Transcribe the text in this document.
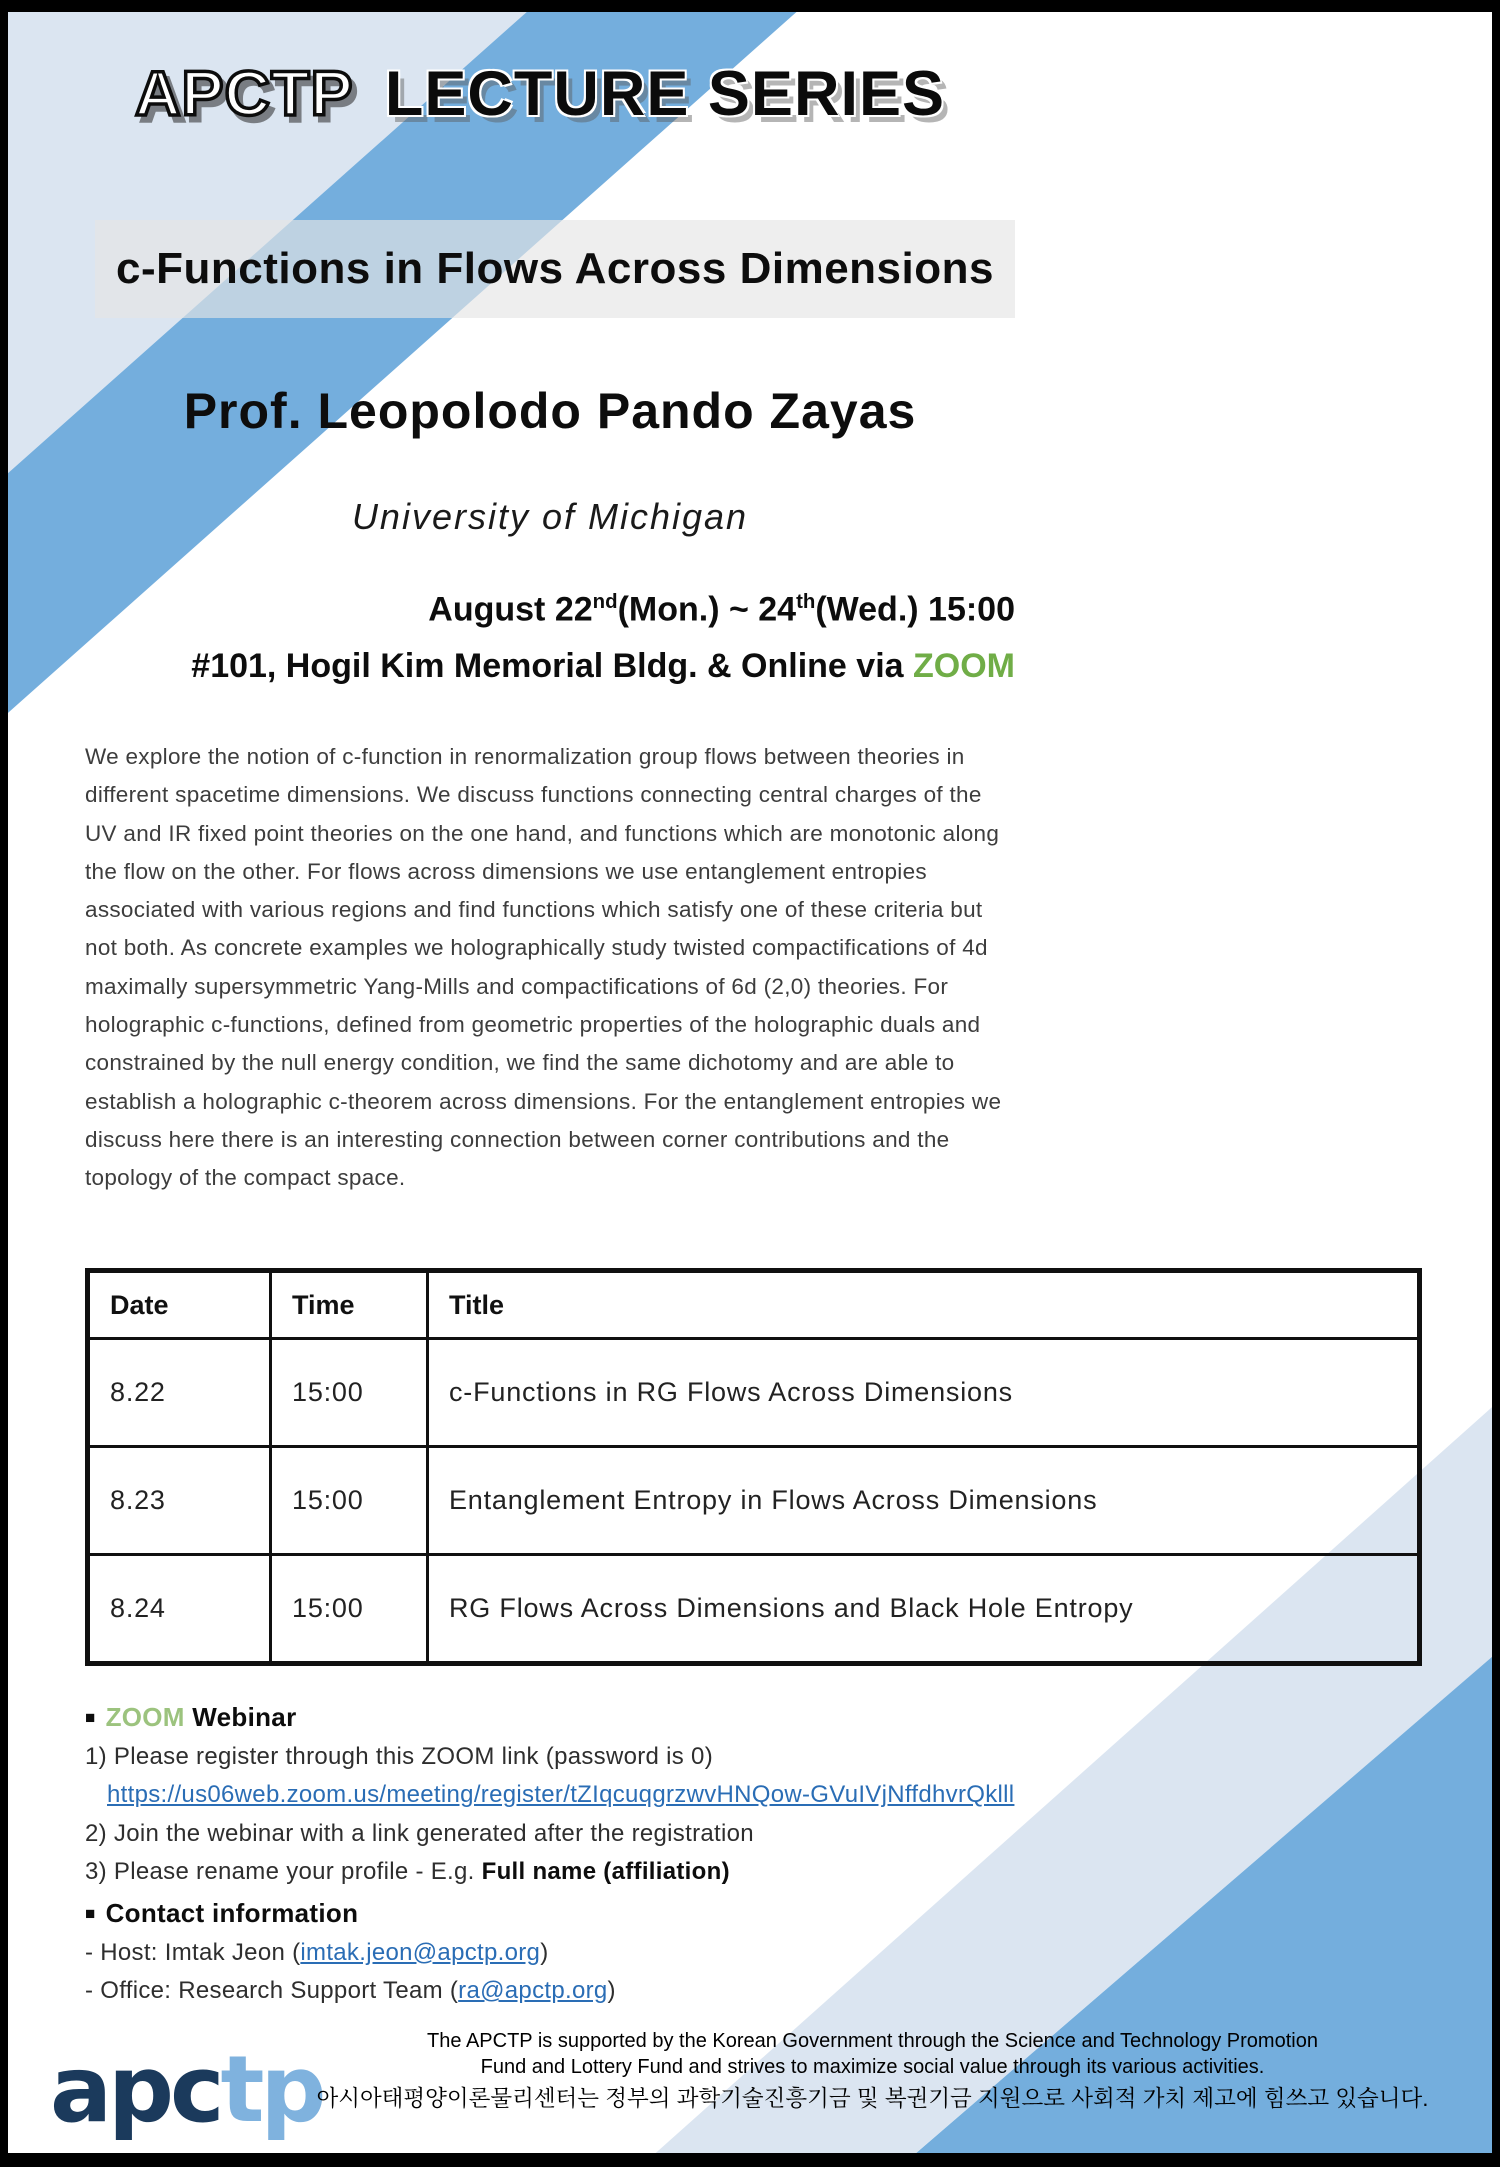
APCTP LECTURE SERIES
c-Functions in Flows Across Dimensions
Prof. Leopolodo Pando Zayas
University of Michigan
August 22nd(Mon.) ~ 24th(Wed.) 15:00
#101, Hogil Kim Memorial Bldg. & Online via ZOOM
We explore the notion of c-function in renormalization group flows between theories in different spacetime dimensions. We discuss functions connecting central charges of the UV and IR fixed point theories on the one hand, and functions which are monotonic along the flow on the other. For flows across dimensions we use entanglement entropies associated with various regions and find functions which satisfy one of these criteria but not both. As concrete examples we holographically study twisted compactifications of 4d maximally supersymmetric Yang-Mills and compactifications of 6d (2,0) theories. For holographic c-functions, defined from geometric properties of the holographic duals and constrained by the null energy condition, we find the same dichotomy and are able to establish a holographic c-theorem across dimensions. For the entanglement entropies we discuss here there is an interesting connection between corner contributions and the topology of the compact space.
Date	Time	Title
8.22	15:00	c-Functions in RG Flows Across Dimensions
8.23	15:00	Entanglement Entropy in Flows Across Dimensions
8.24	15:00	RG Flows Across Dimensions and Black Hole Entropy
■ ZOOM Webinar
1) Please register through this ZOOM link (password is 0)
https://us06web.zoom.us/meeting/register/tZIqcuqgrzwvHNQow-GVuIVjNffdhvrQklll
2) Join the webinar with a link generated after the registration
3) Please rename your profile - E.g. Full name (affiliation)
■ Contact information
- Host: Imtak Jeon (imtak.jeon@apctp.org)
- Office: Research Support Team (ra@apctp.org)
apctp	The APCTP is supported by the Korean Government through the Science and Technology Promotion
Fund and Lottery Fund and strives to maximize social value through its various activities.
아시아태평양이론물리센터는 정부의 과학기술진흥기금 및 복권기금 지원으로 사회적 가치 제고에 힘쓰고 있습니다.
